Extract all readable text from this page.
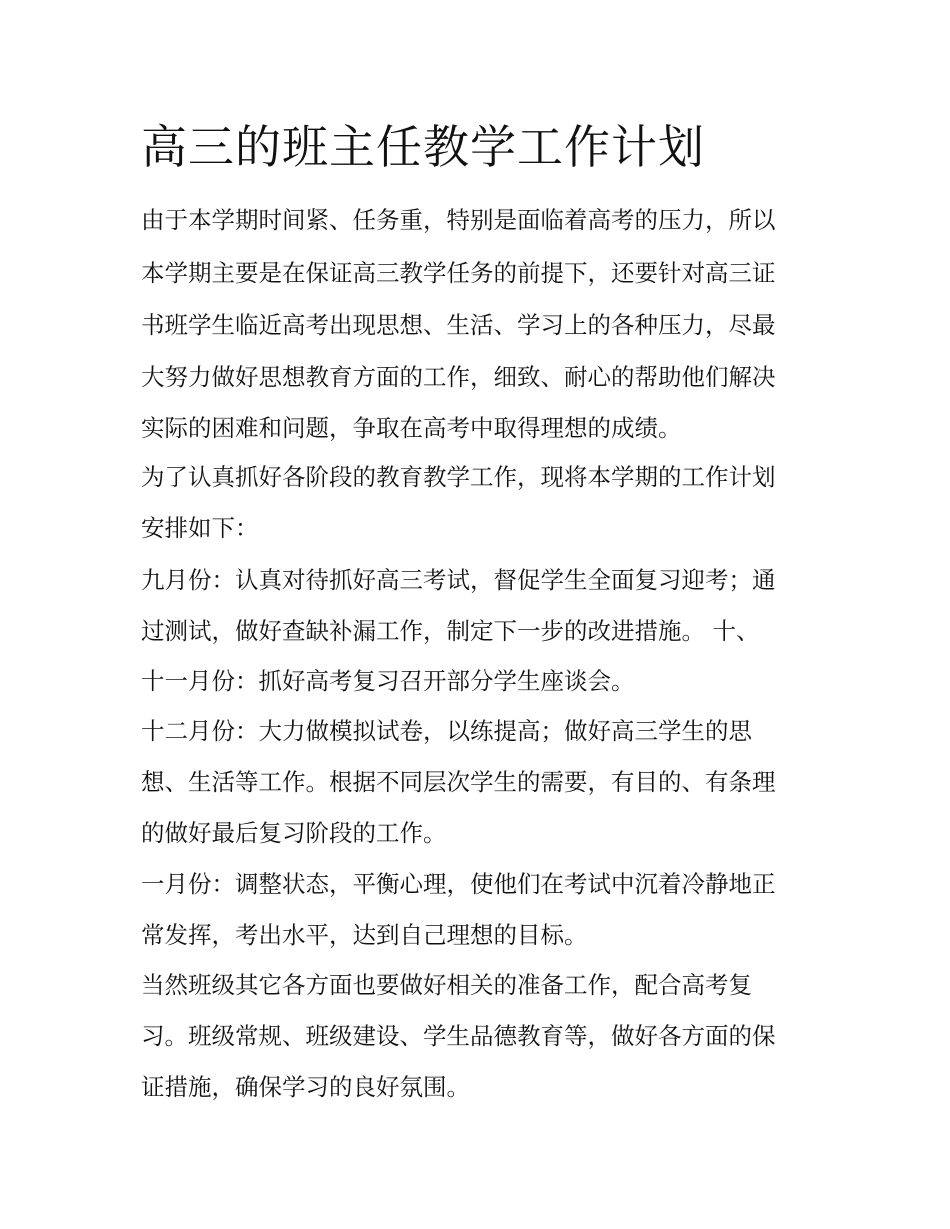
高三的班主任教学工作计划

由于本学期时间紧、任务重，特别是面临着高考的压力，所以

本学期主要是在保证高三教学任务的前提下，还要针对高三证

书班学生临近高考出现思想、生活、学习上的各种压力，尽最

大努力做好思想教育方面的工作，细致、耐心的帮助他们解决

实际的困难和问题，争取在高考中取得理想的成绩。

为了认真抓好各阶段的教育教学工作，现将本学期的工作计划

安排如下：

九月份：认真对待抓好高三考试，督促学生全面复习迎考；通

过测试，做好查缺补漏工作，制定下一步的改进措施。 十、

十一月份：抓好高考复习召开部分学生座谈会。

十二月份：大力做模拟试卷，以练提高；做好高三学生的思

想、生活等工作。根据不同层次学生的需要，有目的、有条理

的做好最后复习阶段的工作。

一月份：调整状态，平衡心理，使他们在考试中沉着冷静地正

常发挥，考出水平，达到自己理想的目标。

当然班级其它各方面也要做好相关的准备工作，配合高考复

习。班级常规、班级建设、学生品德教育等，做好各方面的保

证措施，确保学习的良好氛围。
